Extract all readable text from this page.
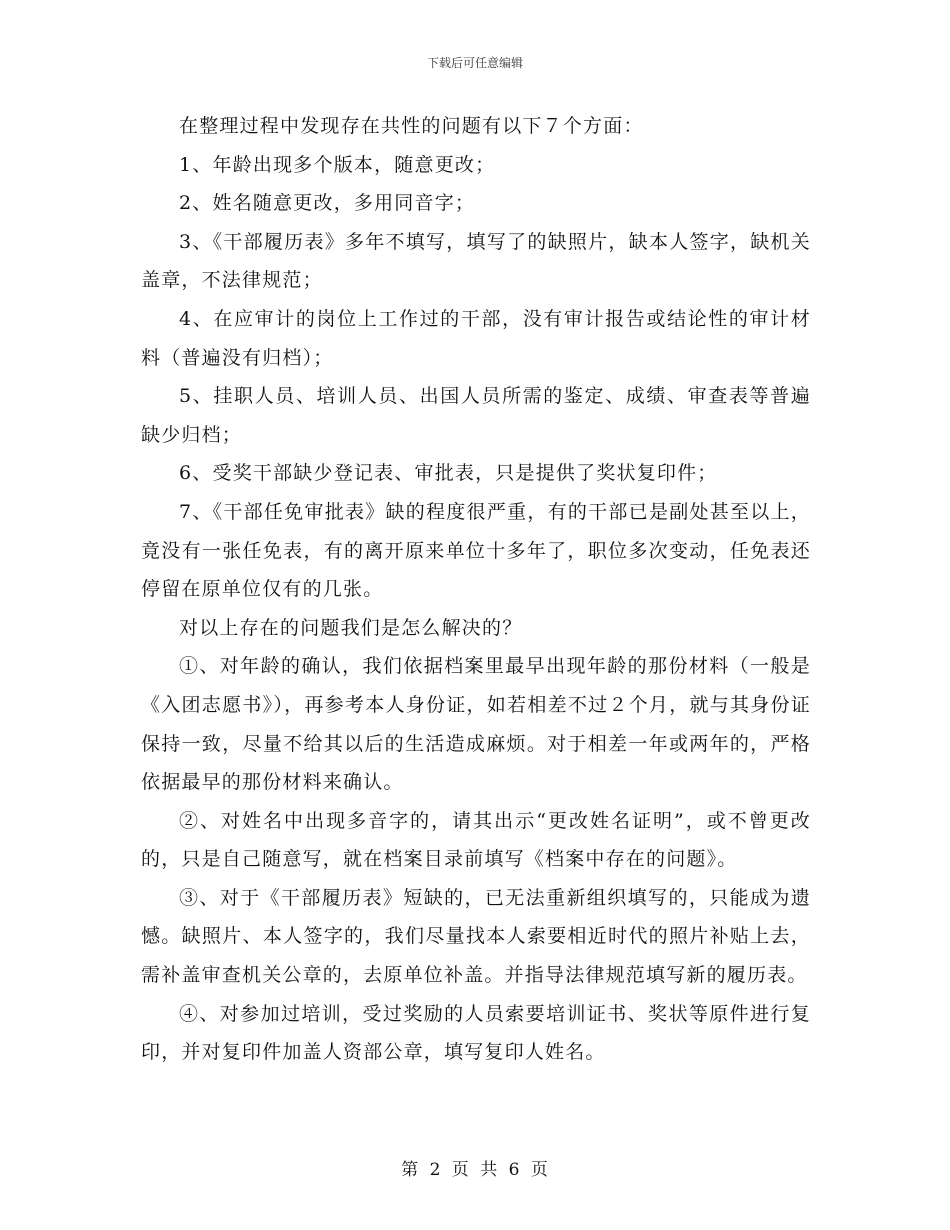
下载后可任意编辑

在整理过程中发现存在共性的问题有以下７个方面：

1、年龄出现多个版本，随意更改；

2、姓名随意更改，多用同音字；

3、《干部履历表》多年不填写，填写了的缺照片，缺本人签字，缺机关盖章，不法律规范；

4、在应审计的岗位上工作过的干部，没有审计报告或结论性的审计材料（普遍没有归档）；

5、挂职人员、培训人员、出国人员所需的鉴定、成绩、审查表等普遍缺少归档；

6、受奖干部缺少登记表、审批表，只是提供了奖状复印件；

7、《干部任免审批表》缺的程度很严重，有的干部已是副处甚至以上，竟没有一张任免表，有的离开原来单位十多年了，职位多次变动，任免表还停留在原单位仅有的几张。

对以上存在的问题我们是怎么解决的？

①、对年龄的确认，我们依据档案里最早出现年龄的那份材料（一般是《入团志愿书》），再参考本人身份证，如若相差不过２个月，就与其身份证保持一致，尽量不给其以后的生活造成麻烦。对于相差一年或两年的，严格依据最早的那份材料来确认。

②、对姓名中出现多音字的，请其出示“更改姓名证明”，或不曾更改的，只是自己随意写，就在档案目录前填写《档案中存在的问题》。

③、对于《干部履历表》短缺的，已无法重新组织填写的，只能成为遗憾。缺照片、本人签字的，我们尽量找本人索要相近时代的照片补贴上去，需补盖审查机关公章的，去原单位补盖。并指导法律规范填写新的履历表。

④、对参加过培训，受过奖励的人员索要培训证书、奖状等原件进行复印，并对复印件加盖人资部公章，填写复印人姓名。

第 2 页 共 6 页
